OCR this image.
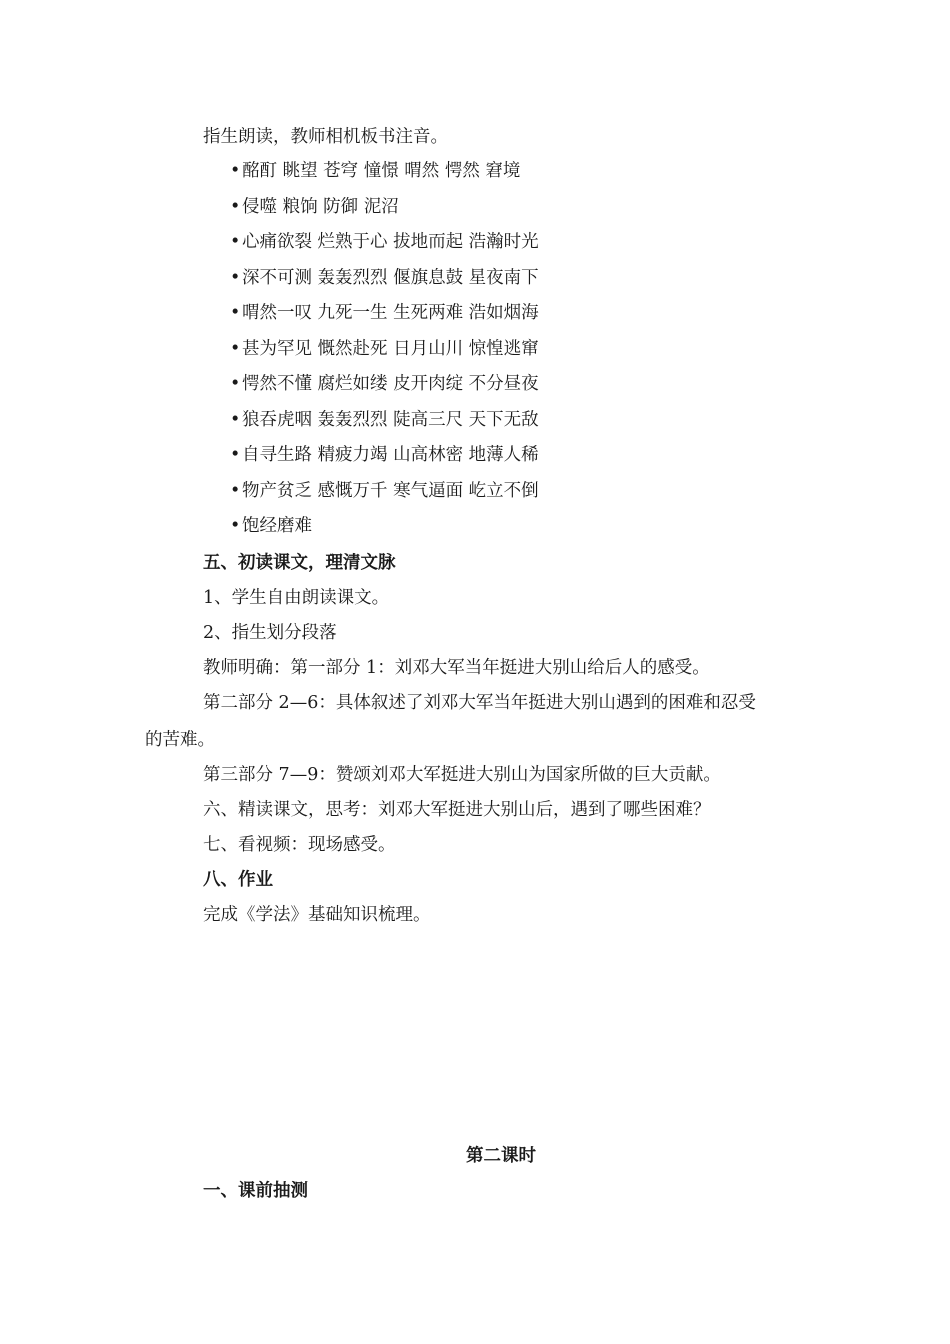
指生朗读，教师相机板书注音。
•酩酊 眺望 苍穹 憧憬 喟然 愕然 窘境
•侵噬 粮饷 防御 泥沼
•心痛欲裂 烂熟于心 拔地而起 浩瀚时光
•深不可测 轰轰烈烈 偃旗息鼓 星夜南下
•喟然一叹 九死一生 生死两难 浩如烟海
•甚为罕见 慨然赴死 日月山川 惊惶逃窜
•愕然不懂 腐烂如缕 皮开肉绽 不分昼夜
•狼吞虎咽 轰轰烈烈 陡高三尺 天下无敌
•自寻生路 精疲力竭 山高林密 地薄人稀
•物产贫乏 感慨万千 寒气逼面 屹立不倒
•饱经磨难
五、初读课文，理清文脉
1、学生自由朗读课文。
2、指生划分段落
教师明确：第一部分 1：刘邓大军当年挺进大别山给后人的感受。
第二部分 2—6：具体叙述了刘邓大军当年挺进大别山遇到的困难和忍受
的苦难。
第三部分 7—9：赞颂刘邓大军挺进大别山为国家所做的巨大贡献。
六、精读课文，思考：刘邓大军挺进大别山后，遇到了哪些困难？
七、看视频：现场感受。
八、作业
完成《学法》基础知识梳理。
第二课时
一、课前抽测
